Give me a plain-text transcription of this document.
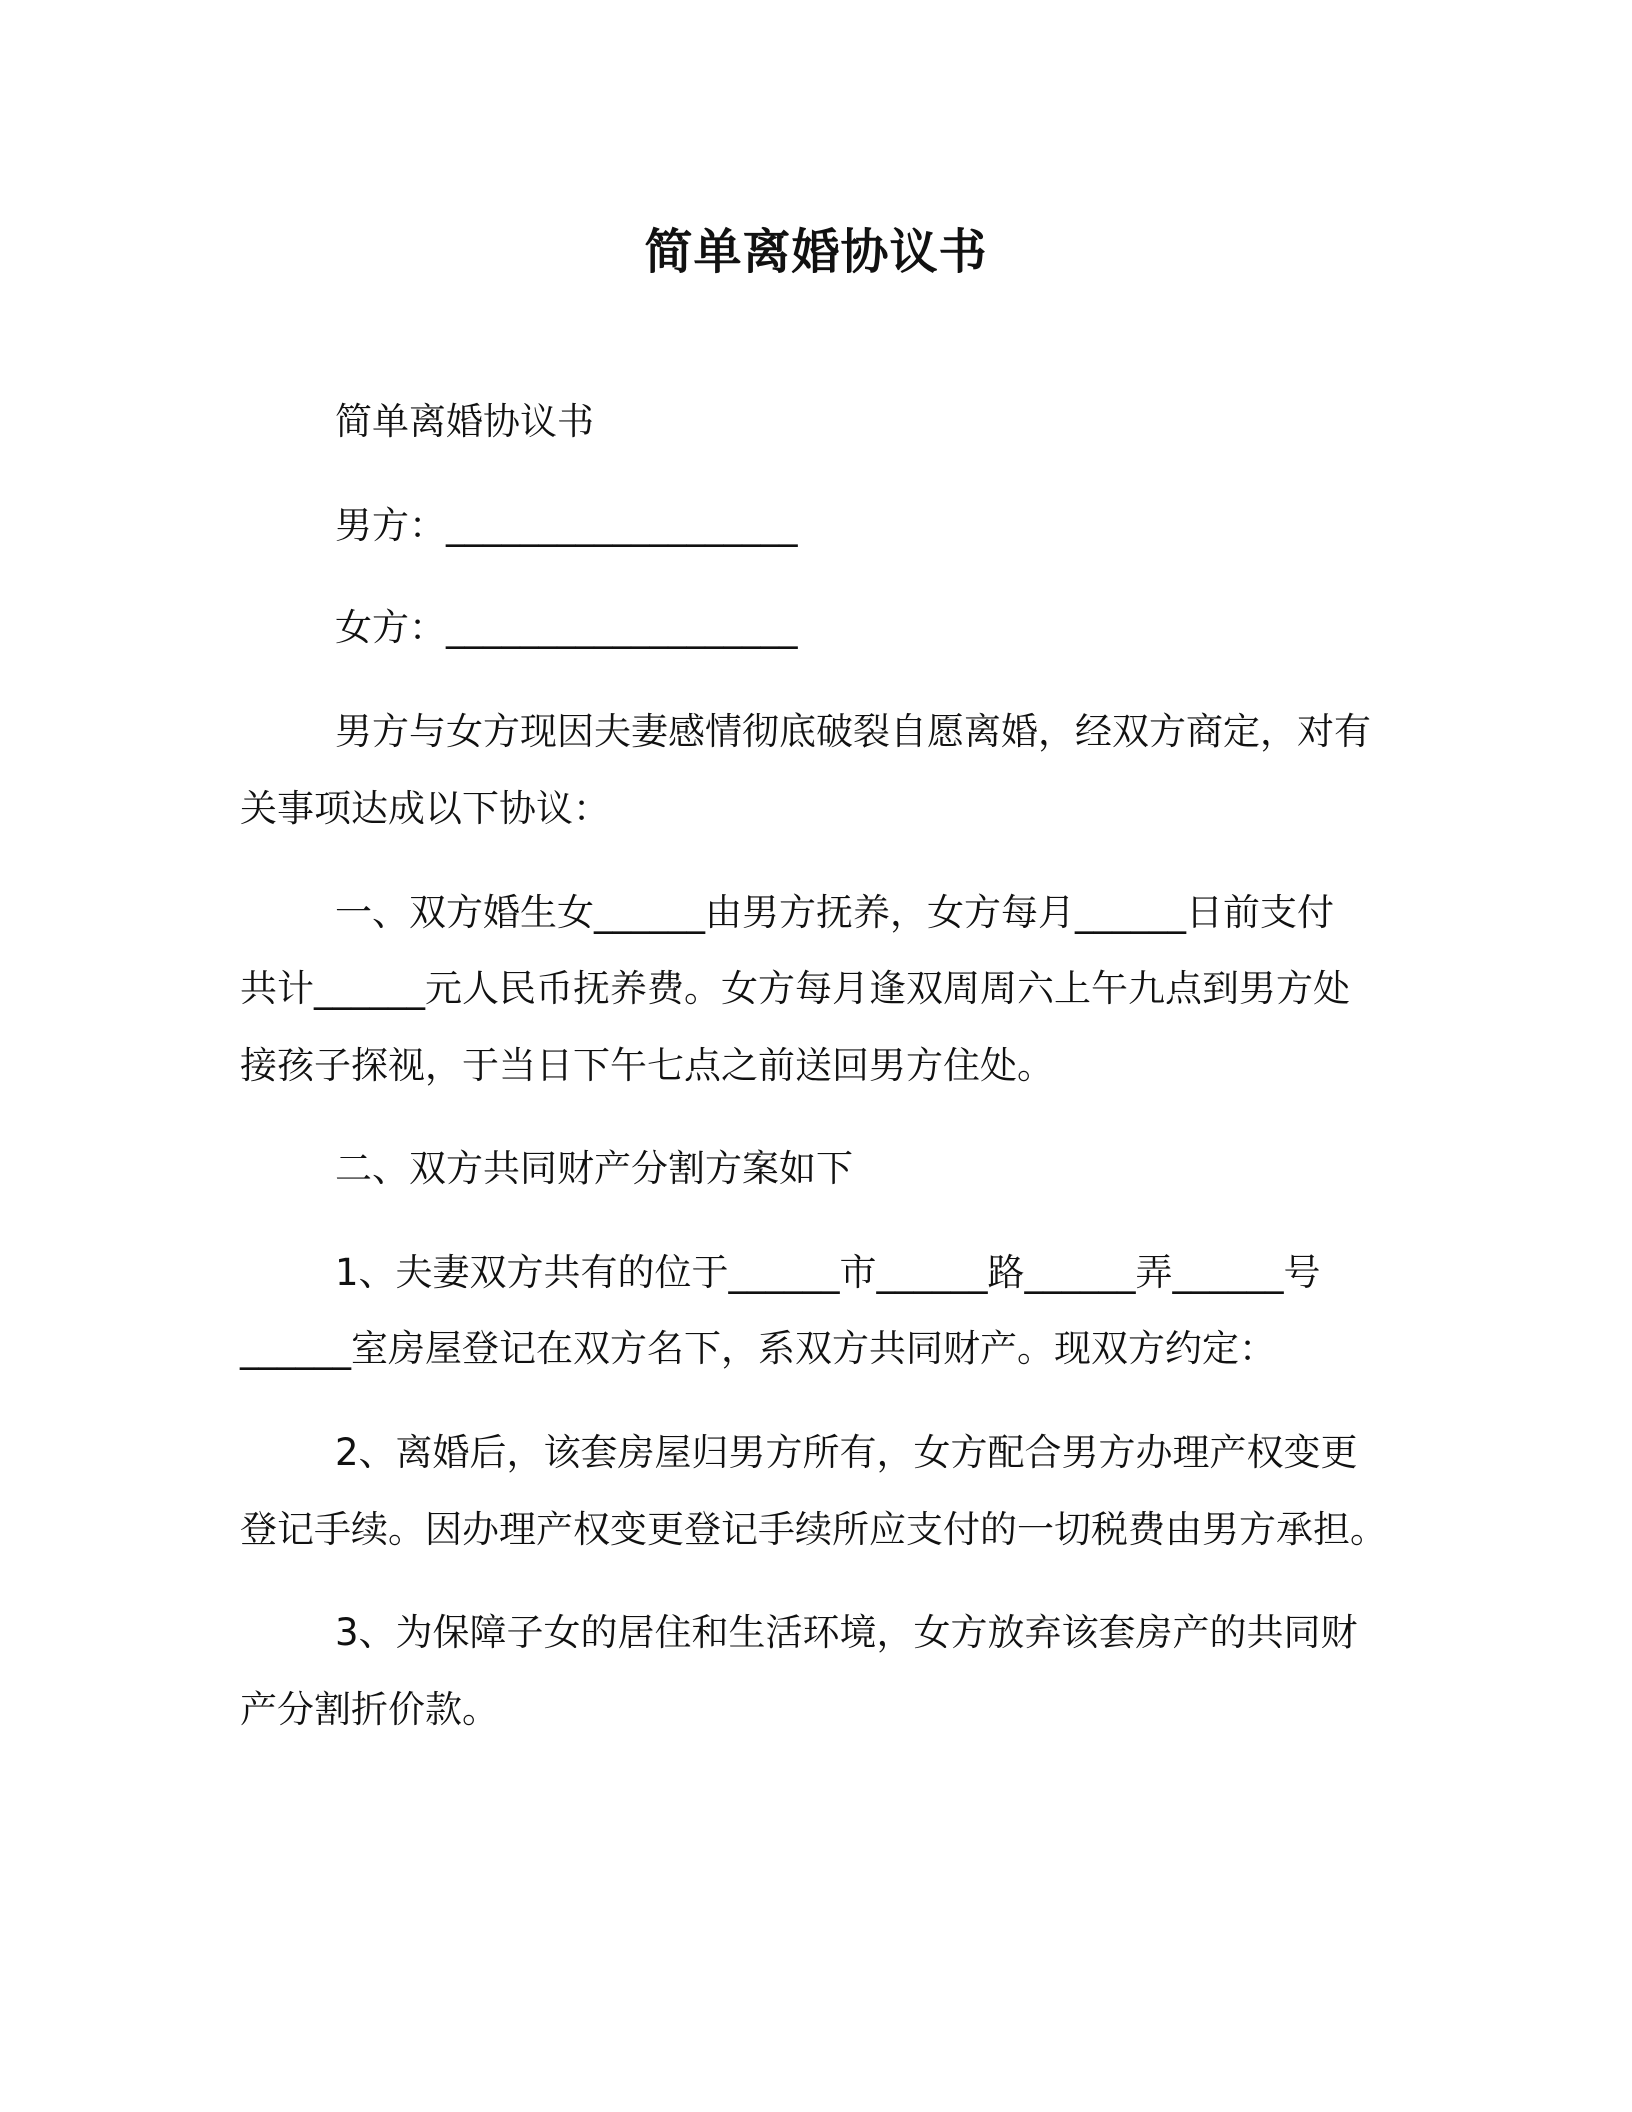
简单离婚协议书
简单离婚协议书
男方：___________________
女方：___________________
男方与女方现因夫妻感情彻底破裂自愿离婚，经双方商定，对有
关事项达成以下协议：
一、双方婚生女______由男方抚养，女方每月______日前支付
共计______元人民币抚养费。女方每月逢双周周六上午九点到男方处
接孩子探视，于当日下午七点之前送回男方住处。
二、双方共同财产分割方案如下
1、夫妻双方共有的位于______市______路______弄______号
______室房屋登记在双方名下，系双方共同财产。现双方约定：
2、离婚后，该套房屋归男方所有，女方配合男方办理产权变更
登记手续。因办理产权变更登记手续所应支付的一切税费由男方承担。
3、为保障子女的居住和生活环境，女方放弃该套房产的共同财
产分割折价款。
